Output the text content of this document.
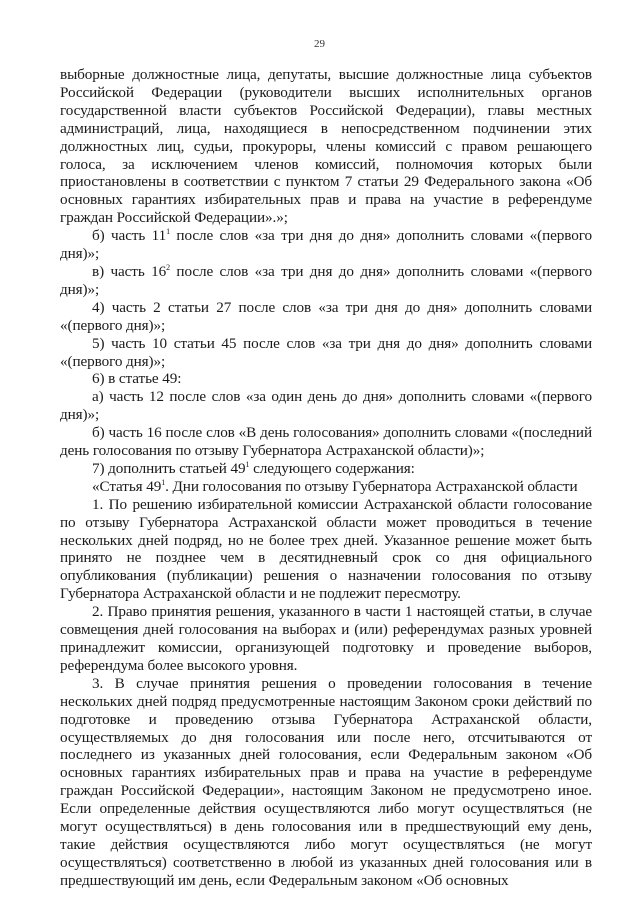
29

выборные должностные лица, депутаты, высшие должностные лица субъектов Российской Федерации (руководители высших исполнительных органов государственной власти субъектов Российской Федерации), главы местных администраций, лица, находящиеся в непосредственном подчинении этих должностных лиц, судьи, прокуроры, члены комиссий с правом решающего голоса, за исключением членов комиссий, полномочия которых были приостановлены в соответствии с пунктом 7 статьи 29 Федерального закона «Об основных гарантиях избирательных прав и права на участие в референдуме граждан Российской Федерации».»;

б) часть $11^1$ после слов «за три дня до дня» дополнить словами «(первого дня)»;

в) часть $16^2$ после слов «за три дня до дня» дополнить словами «(первого дня)»;

4) часть 2 статьи 27 после слов «за три дня до дня» дополнить словами «(первого дня)»;

5) часть 10 статьи 45 после слов «за три дня до дня» дополнить словами «(первого дня)»;

6) в статье 49:

а) часть 12 после слов «за один день до дня» дополнить словами «(первого дня)»;

б) часть 16 после слов «В день голосования» дополнить словами «(последний день голосования по отзыву Губернатора Астраханской области)»;

7) дополнить статьей $49^1$ следующего содержания:

«Статья $49^1$. Дни голосования по отзыву Губернатора Астраханской области

1. По решению избирательной комиссии Астраханской области голосование по отзыву Губернатора Астраханской области может проводиться в течение нескольких дней подряд, но не более трех дней. Указанное решение может быть принято не позднее чем в десятидневный срок со дня официального опубликования (публикации) решения о назначении голосования по отзыву Губернатора Астраханской области и не подлежит пересмотру.

2. Право принятия решения, указанного в части 1 настоящей статьи, в случае совмещения дней голосования на выборах и (или) референдумах разных уровней принадлежит комиссии, организующей подготовку и проведение выборов, референдума более высокого уровня.

3. В случае принятия решения о проведении голосования в течение нескольких дней подряд предусмотренные настоящим Законом сроки действий по подготовке и проведению отзыва Губернатора Астраханской области, осуществляемых до дня голосования или после него, отсчитываются от последнего из указанных дней голосования, если Федеральным законом «Об основных гарантиях избирательных прав и права на участие в референдуме граждан Российской Федерации», настоящим Законом не предусмотрено иное. Если определенные действия осуществляются либо могут осуществляться (не могут осуществляться) в день голосования или в предшествующий ему день, такие действия осуществляются либо могут осуществляться (не могут осуществляться) соответственно в любой из указанных дней голосования или в предшествующий им день, если Федеральным законом «Об основных
